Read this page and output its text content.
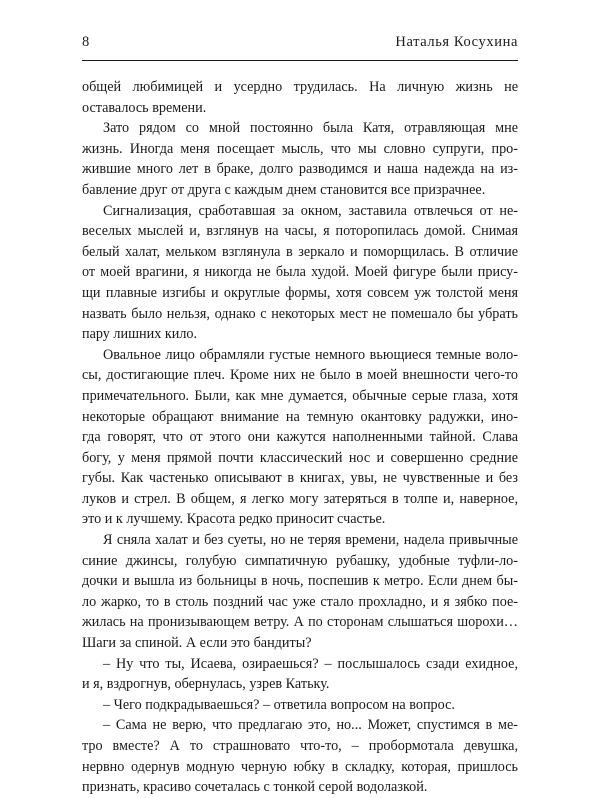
8	Наталья Косухина
общей любимицей и усердно трудилась. На личную жизнь не
оставалось времени.
Зато рядом со мной постоянно была Катя, отравляющая мне
жизнь. Иногда меня посещает мысль, что мы словно супруги, про-
жившие много лет в браке, долго разводимся и наша надежда на из-
бавление друг от друга с каждым днем становится все призрачнее.
Сигнализация, сработавшая за окном, заставила отвлечься от не-
веселых мыслей и, взглянув на часы, я поторопилась домой. Снимая
белый халат, мельком взглянула в зеркало и поморщилась. В отличие
от моей врагини, я никогда не была худой. Моей фигуре были прису-
щи плавные изгибы и округлые формы, хотя совсем уж толстой меня
назвать было нельзя, однако с некоторых мест не помешало бы убрать
пару лишних кило.
Овальное лицо обрамляли густые немного вьющиеся темные воло-
сы, достигающие плеч. Кроме них не было в моей внешности чего-то
примечательного. Были, как мне думается, обычные серые глаза, хотя
некоторые обращают внимание на темную окантовку радужки, ино-
гда говорят, что от этого они кажутся наполненными тайной. Слава
богу, у меня прямой почти классический нос и совершенно средние
губы. Как частенько описывают в книгах, увы, не чувственные и без
луков и стрел. В общем, я легко могу затеряться в толпе и, наверное,
это и к лучшему. Красота редко приносит счастье.
Я сняла халат и без суеты, но не теряя времени, надела привычные
синие джинсы, голубую симпатичную рубашку, удобные туфли-ло-
дочки и вышла из больницы в ночь, поспешив к метро. Если днем бы-
ло жарко, то в столь поздний час уже стало прохладно, и я зябко пое-
жилась на пронизывающем ветру. А по сторонам слышаться шорохи…
Шаги за спиной. А если это бандиты?
– Ну что ты, Исаева, озираешься? – послышалось сзади ехидное,
и я, вздрогнув, обернулась, узрев Катьку.
– Чего подкрадываешься? – ответила вопросом на вопрос.
– Сама не верю, что предлагаю это, но... Может, спустимся в ме-
тро вместе? А то страшновато что-то, – пробормотала девушка,
нервно одернув модную черную юбку в складку, которая, пришлось
признать, красиво сочеталась с тонкой серой водолазкой.
